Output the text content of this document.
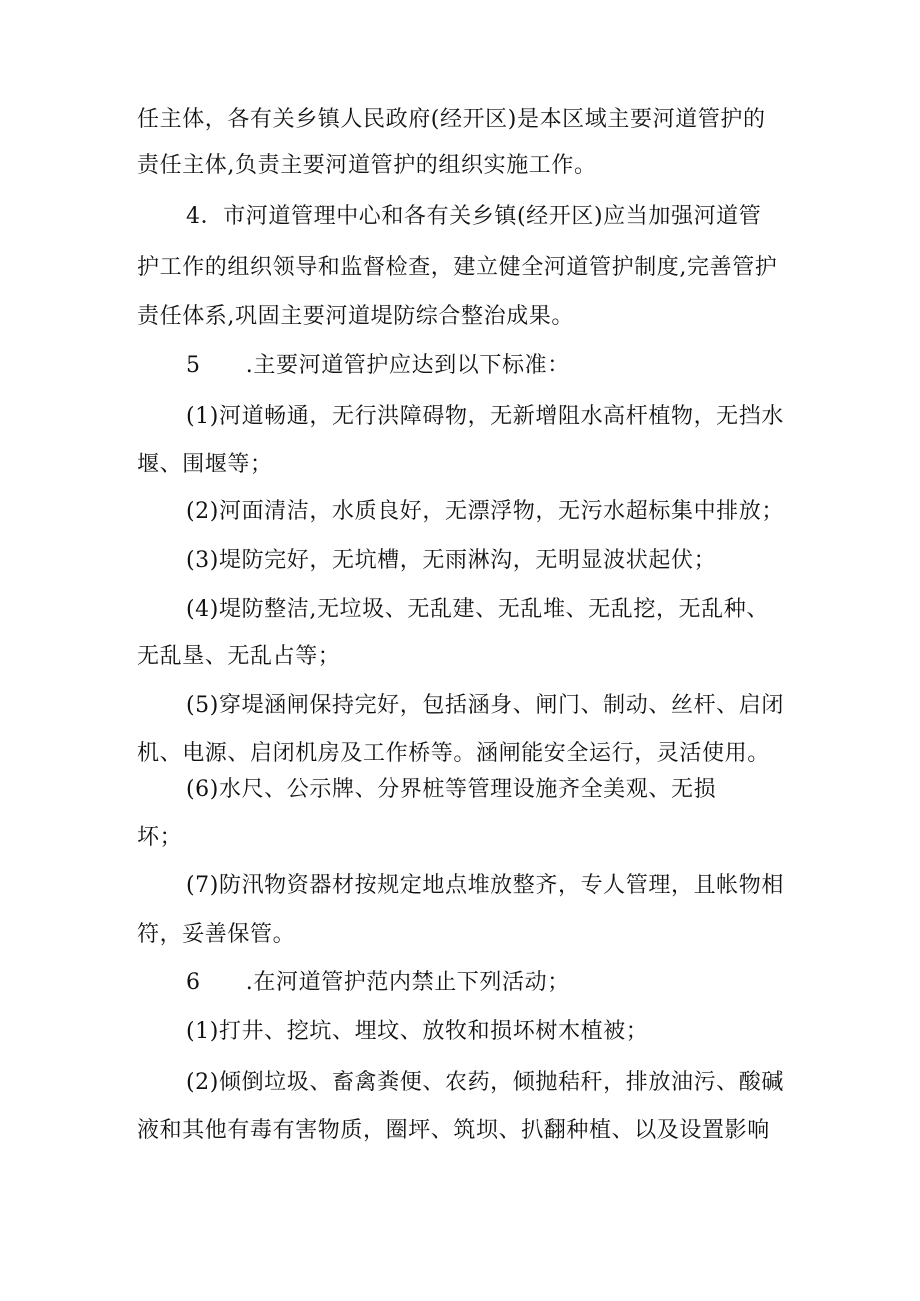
任主体，各有关乡镇人民政府(经开区)是本区域主要河道管护的
责任主体,负责主要河道管护的组织实施工作。
4．市河道管理中心和各有关乡镇(经开区)应当加强河道管
护工作的组织领导和监督检查，建立健全河道管护制度,完善管护
责任体系,巩固主要河道堤防综合整治成果。
5　　.主要河道管护应达到以下标准：
(1)河道畅通，无行洪障碍物，无新增阻水高杆植物，无挡水
堰、围堰等；
(2)河面清洁，水质良好，无漂浮物，无污水超标集中排放；
(3)堤防完好，无坑槽，无雨淋沟，无明显波状起伏；
(4)堤防整洁,无垃圾、无乱建、无乱堆、无乱挖，无乱种、
无乱垦、无乱占等；
(5)穿堤涵闸保持完好，包括涵身、闸门、制动、丝杆、启闭
机、电源、启闭机房及工作桥等。涵闸能安全运行，灵活使用。
(6)水尺、公示牌、分界桩等管理设施齐全美观、无损
坏；
(7)防汛物资器材按规定地点堆放整齐，专人管理，且帐物相
符，妥善保管。
6　　.在河道管护范内禁止下列活动；
(1)打井、挖坑、埋坟、放牧和损坏树木植被；
(2)倾倒垃圾、畜禽粪便、农药，倾抛秸秆，排放油污、酸碱
液和其他有毒有害物质，圈坪、筑坝、扒翻种植、以及设置影响
